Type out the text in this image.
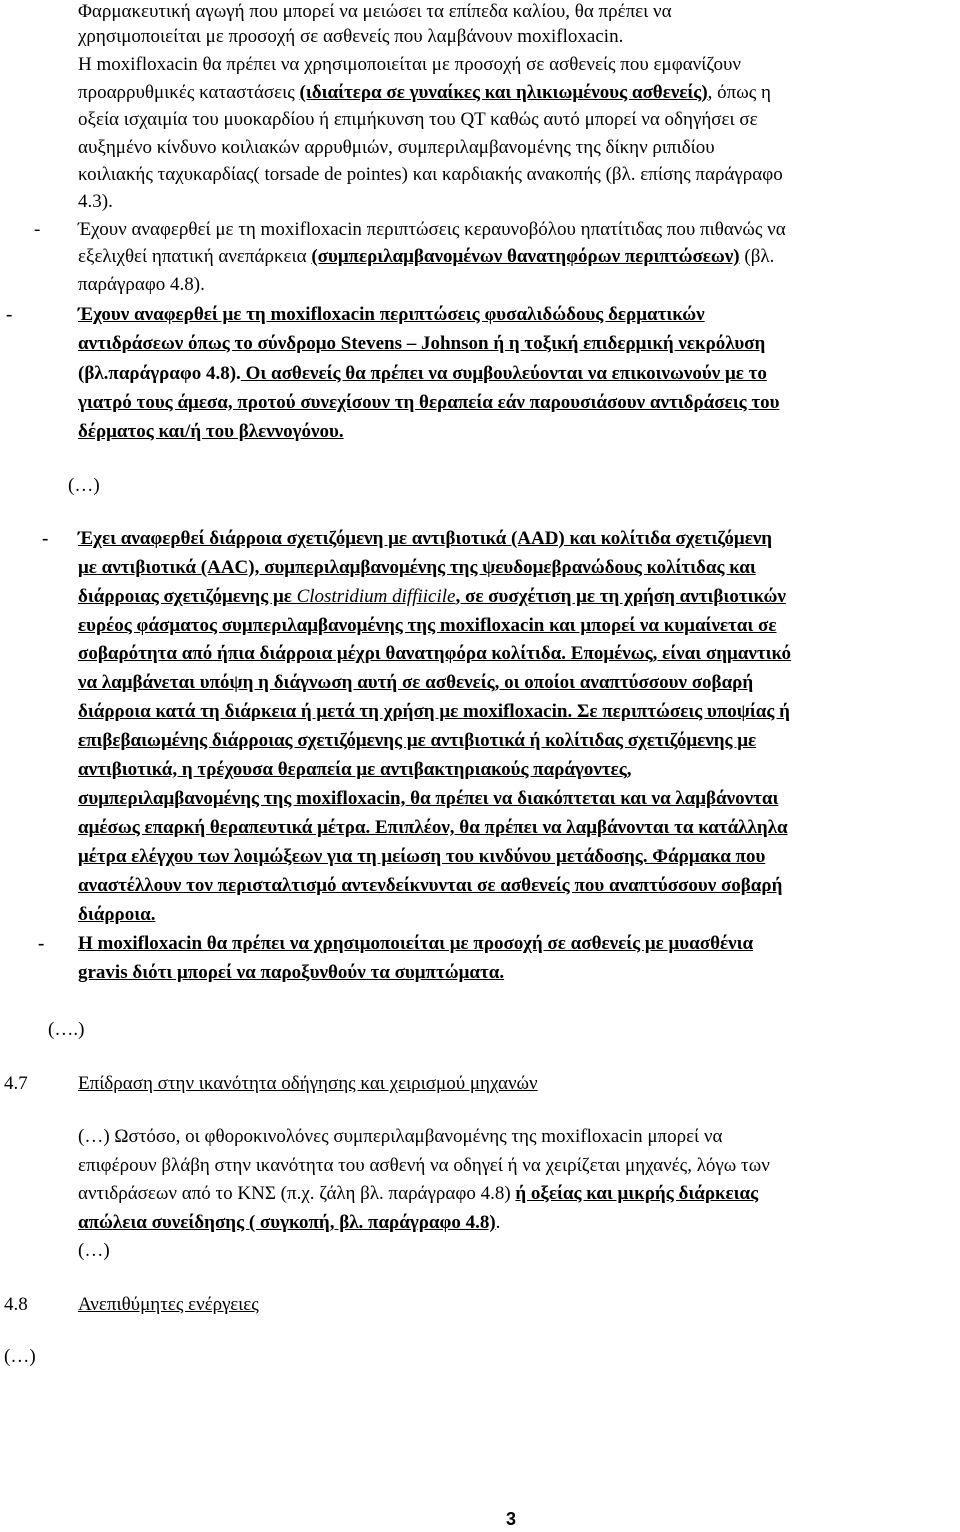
Φαρμακευτική αγωγή που μπορεί να μειώσει τα επίπεδα καλίου, θα πρέπει να
χρησιμοποιείται με προσοχή σε ασθενείς που λαμβάνουν moxifloxacin.
Η moxifloxacin θα πρέπει να χρησιμοποιείται με προσοχή σε ασθενείς που εμφανίζουν
προαρρυθμικές καταστάσεις (ιδιαίτερα σε γυναίκες και ηλικιωμένους ασθενείς), όπως η
οξεία ισχαιμία του μυοκαρδίου ή επιμήκυνση του QT καθώς αυτό μπορεί να οδηγήσει σε
αυξημένο κίνδυνο κοιλιακών αρρυθμιών, συμπεριλαμβανομένης της δίκην ριπιδίου
κοιλιακής ταχυκαρδίας( torsade de pointes) και καρδιακής ανακοπής (βλ. επίσης παράγραφο
4.3).
- Έχουν αναφερθεί με τη moxifloxacin περιπτώσεις κεραυνοβόλου ηπατίτιδας που πιθανώς να
εξελιχθεί ηπατική ανεπάρκεια (συμπεριλαμβανομένων θανατηφόρων περιπτώσεων) (βλ.
παράγραφο 4.8).
-	Έχουν αναφερθεί με τη moxifloxacin περιπτώσεις φυσαλιδώδους δερματικών
αντιδράσεων όπως το σύνδρομο Stevens – Johnson ή η τοξική επιδερμική νεκρόλυση
(βλ.παράγραφο 4.8). Οι ασθενείς θα πρέπει να συμβουλεύονται να επικοινωνούν με το
γιατρό τους άμεσα, προτού συνεχίσουν τη θεραπεία εάν παρουσιάσουν αντιδράσεις του
δέρματος και/ή του βλεννογόνου.
(…)
- Έχει αναφερθεί διάρροια σχετιζόμενη με αντιβιοτικά (AAD) και κολίτιδα σχετιζόμενη
με αντιβιοτικά (AAC), συμπεριλαμβανομένης της ψευδομεβρανώδους κολίτιδας και
διάρροιας σχετιζόμενης με Clostridium diffiicile, σε συσχέτιση με τη χρήση αντιβιοτικών
ευρέος φάσματος συμπεριλαμβανομένης της moxifloxacin και μπορεί να κυμαίνεται σε
σοβαρότητα από ήπια διάρροια μέχρι θανατηφόρα κολίτιδα. Επομένως, είναι σημαντικό
να λαμβάνεται υπόψη η διάγνωση αυτή σε ασθενείς, οι οποίοι αναπτύσσουν σοβαρή
διάρροια κατά τη διάρκεια ή μετά τη χρήση με moxifloxacin. Σε περιπτώσεις υποψίας ή
επιβεβαιωμένης διάρροιας σχετιζόμενης με αντιβιοτικά ή κολίτιδας σχετιζόμενης με
αντιβιοτικά, η τρέχουσα θεραπεία με αντιβακτηριακούς παράγοντες,
συμπεριλαμβανομένης της moxifloxacin, θα πρέπει να διακόπτεται και να λαμβάνονται
αμέσως επαρκή θεραπευτικά μέτρα. Επιπλέον, θα πρέπει να λαμβάνονται τα κατάλληλα
μέτρα ελέγχου των λοιμώξεων για τη μείωση του κινδύνου μετάδοσης. Φάρμακα που
αναστέλλουν τον περισταλτισμό αντενδείκνυνται σε ασθενείς που αναπτύσσουν σοβαρή
διάρροια.
- Η moxifloxacin θα πρέπει να χρησιμοποιείται με προσοχή σε ασθενείς με μυασθένια
gravis διότι μπορεί να παροξυνθούν τα συμπτώματα.
(….)
4.7	Επίδραση στην ικανότητα οδήγησης και χειρισμού μηχανών
(…) Ωστόσο, οι φθοροκινολόνες συμπεριλαμβανομένης της moxifloxacin μπορεί να
επιφέρουν βλάβη στην ικανότητα του ασθενή να οδηγεί ή να χειρίζεται μηχανές, λόγω των
αντιδράσεων από το ΚΝΣ (π.χ. ζάλη βλ. παράγραφο 4.8) ή οξείας και μικρής διάρκειας
απώλεια συνείδησης ( συγκοπή, βλ. παράγραφο 4.8).
(…)
4.8	Ανεπιθύμητες ενέργειες
(…)
3
